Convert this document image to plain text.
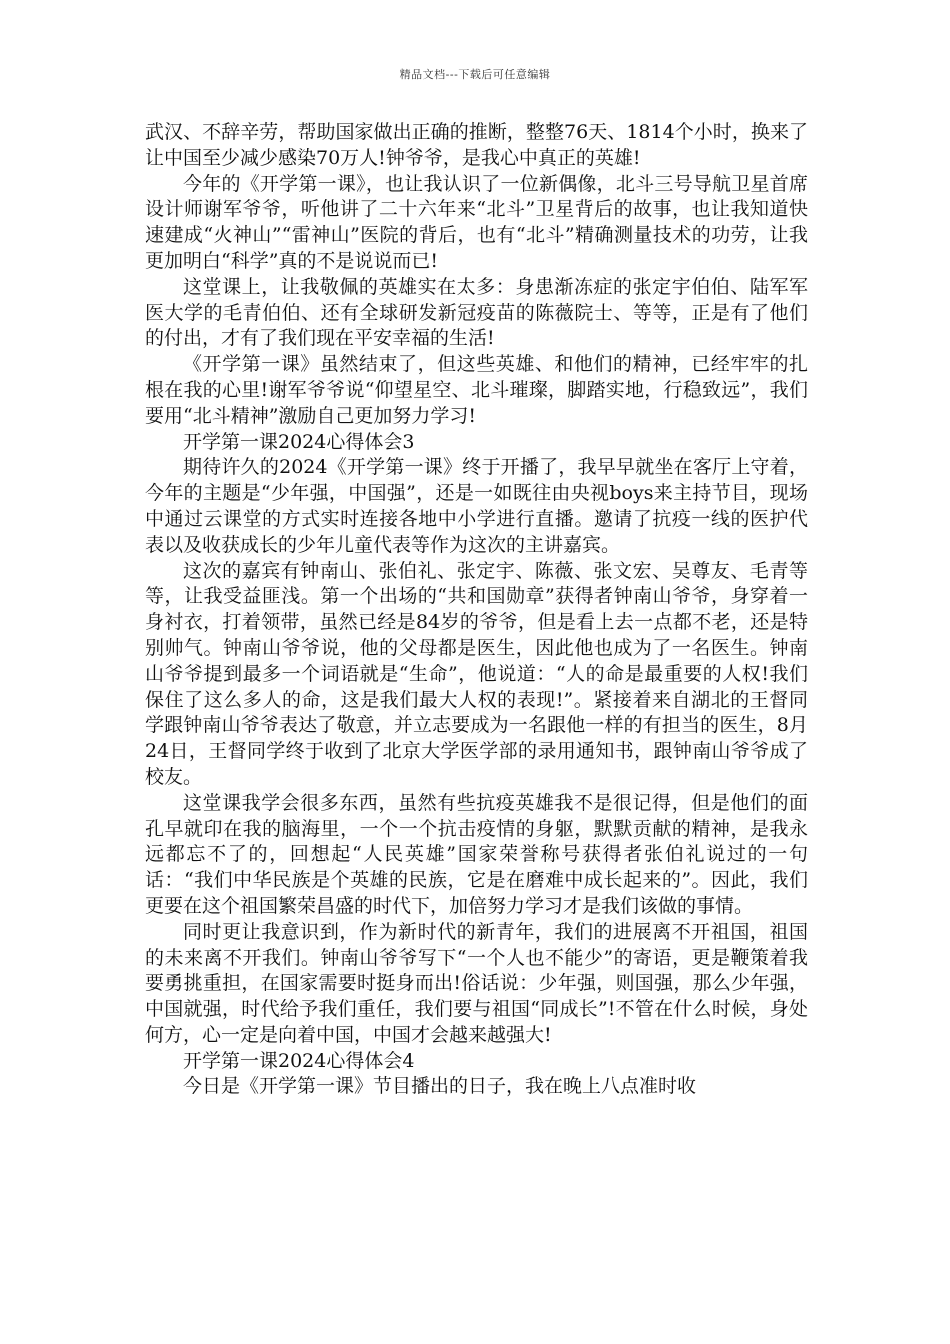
精品文档---下载后可任意编辑

武汉、不辞辛劳，帮助国家做出正确的推断，整整76天、1814个小时，换来了让中国至少减少感染70万人!钟爷爷，是我心中真正的英雄!

今年的《开学第一课》，也让我认识了一位新偶像，北斗三号导航卫星首席设计师谢军爷爷，听他讲了二十六年来“北斗”卫星背后的故事，也让我知道快速建成“火神山”“雷神山”医院的背后，也有“北斗”精确测量技术的功劳，让我更加明白“科学”真的不是说说而已!

这堂课上，让我敬佩的英雄实在太多：身患渐冻症的张定宇伯伯、陆军军医大学的毛青伯伯、还有全球研发新冠疫苗的陈薇院士、等等，正是有了他们的付出，才有了我们现在平安幸福的生活!

《开学第一课》虽然结束了，但这些英雄、和他们的精神，已经牢牢的扎根在我的心里!谢军爷爷说“仰望星空、北斗璀璨，脚踏实地，行稳致远”，我们要用“北斗精神”激励自己更加努力学习!

开学第一课2024心得体会3

期待许久的2024《开学第一课》终于开播了，我早早就坐在客厅上守着，今年的主题是“少年强，中国强”，还是一如既往由央视boys来主持节目，现场中通过云课堂的方式实时连接各地中小学进行直播。邀请了抗疫一线的医护代表以及收获成长的少年儿童代表等作为这次的主讲嘉宾。

这次的嘉宾有钟南山、张伯礼、张定宇、陈薇、张文宏、吴尊友、毛青等等，让我受益匪浅。第一个出场的“共和国勋章”获得者钟南山爷爷，身穿着一身衬衣，打着领带，虽然已经是84岁的爷爷，但是看上去一点都不老，还是特别帅气。钟南山爷爷说，他的父母都是医生，因此他也成为了一名医生。钟南山爷爷提到最多一个词语就是“生命”，他说道：“人的命是最重要的人权!我们保住了这么多人的命，这是我们最大人权的表现!”。紧接着来自湖北的王督同学跟钟南山爷爷表达了敬意，并立志要成为一名跟他一样的有担当的医生，8月24日，王督同学终于收到了北京大学医学部的录用通知书，跟钟南山爷爷成了校友。

这堂课我学会很多东西，虽然有些抗疫英雄我不是很记得，但是他们的面孔早就印在我的脑海里，一个一个抗击疫情的身躯，默默贡献的精神，是我永远都忘不了的，回想起“人民英雄”国家荣誉称号获得者张伯礼说过的一句话：“我们中华民族是个英雄的民族，它是在磨难中成长起来的”。因此，我们更要在这个祖国繁荣昌盛的时代下，加倍努力学习才是我们该做的事情。

同时更让我意识到，作为新时代的新青年，我们的进展离不开祖国，祖国的未来离不开我们。钟南山爷爷写下“一个人也不能少”的寄语，更是鞭策着我要勇挑重担，在国家需要时挺身而出!俗话说：少年强，则国强，那么少年强，中国就强，时代给予我们重任，我们要与祖国“同成长”!不管在什么时候，身处何方，心一定是向着中国，中国才会越来越强大!

开学第一课2024心得体会4

今日是《开学第一课》节目播出的日子，我在晚上八点准时收
